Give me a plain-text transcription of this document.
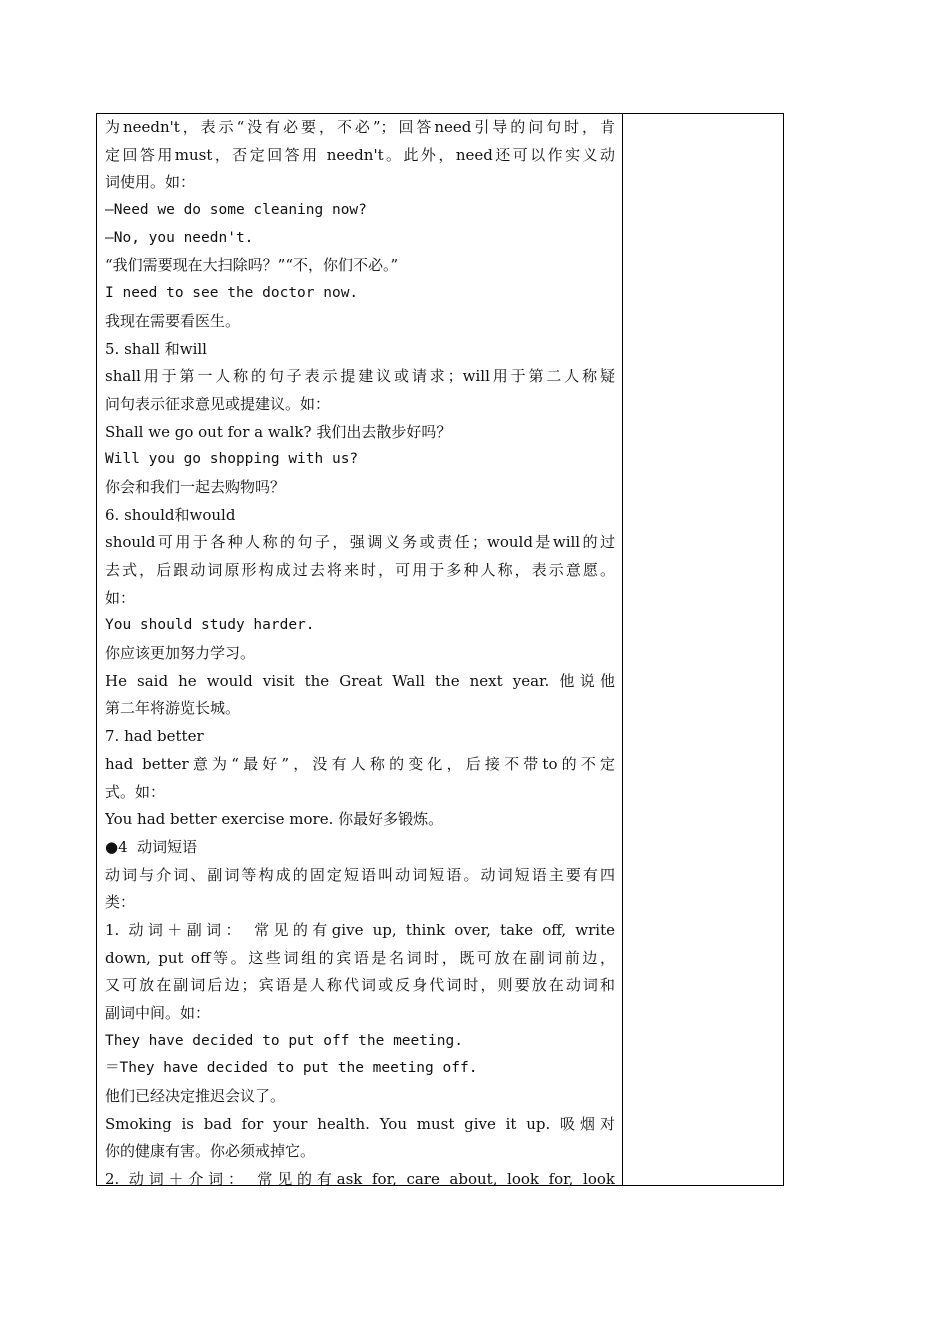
为needn't，表示“没有必要，不必”；回答need引导的问句时，肯
定回答用must，否定回答用 needn't。此外，need还可以作实义动
词使用。如：
—Need we do some cleaning now?
—No, you needn't.
“我们需要现在大扫除吗？”“不，你们不必。”
I need to see the doctor now.
我现在需要看医生。
5. shall 和will
shall用于第一人称的句子表示提建议或请求；will用于第二人称疑
问句表示征求意见或提建议。如：
Shall we go out for a walk? 我们出去散步好吗？
Will you go shopping with us?
你会和我们一起去购物吗？
6. should和would
should可用于各种人称的句子，强调义务或责任；would是will的过
去式，后跟动词原形构成过去将来时，可用于多种人称，表示意愿。
如：
You should study harder.
你应该更加努力学习。
He said he would visit the Great Wall the next year. 他说他
第二年将游览长城。
7. had better
had better意为“最好”，没有人称的变化，后接不带to的不定
式。如：
You had better exercise more. 你最好多锻炼。
●4  动词短语
动词与介词、副词等构成的固定短语叫动词短语。动词短语主要有四
类：
1. 动词＋副词： 常见的有give up, think over, take off, write
down, put off等。这些词组的宾语是名词时，既可放在副词前边，
又可放在副词后边；宾语是人称代词或反身代词时，则要放在动词和
副词中间。如：
They have decided to put off the meeting.
＝They have decided to put the meeting off.
他们已经决定推迟会议了。
Smoking is bad for your health. You must give it up. 吸烟对
你的健康有害。你必须戒掉它。
2. 动词＋介词： 常见的有ask for, care about, look for, look
